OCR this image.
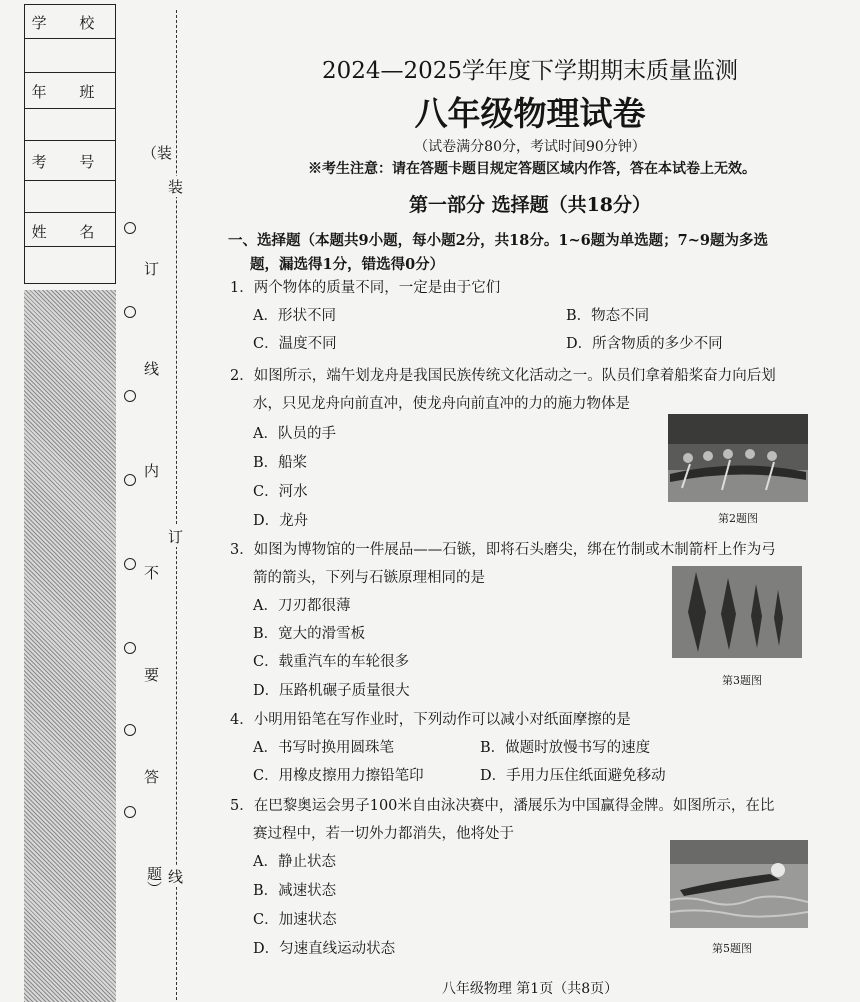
学 校
年 班
考 号
姓 名
（装
订
线
内
不
要
答
题）
装
订
线
2024—2025学年度下学期期末质量监测
八年级物理试卷
（试卷满分80分，考试时间90分钟）
※考生注意：请在答题卡题目规定答题区域内作答，答在本试卷上无效。
第一部分 选择题（共18分）
一、选择题（本题共9小题，每小题2分，共18分。1~6题为单选题；7~9题为多选
题，漏选得1分，错选得0分）
1．两个物体的质量不同，一定是由于它们
A．形状不同	B．物态不同
C．温度不同	D．所含物质的多少不同
2．如图所示，端午划龙舟是我国民族传统文化活动之一。队员们拿着船桨奋力向后划
水，只见龙舟向前直冲，使龙舟向前直冲的力的施力物体是
A．队员的手
B．船桨
C．河水
D．龙舟	第2题图
3．如图为博物馆的一件展品——石镞，即将石头磨尖，绑在竹制或木制箭杆上作为弓
箭的箭头，下列与石镞原理相同的是
A．刀刃都很薄
B．宽大的滑雪板
C．载重汽车的车轮很多
D．压路机碾子质量很大
第3题图
4．小明用铅笔在写作业时，下列动作可以减小对纸面摩擦的是
A．书写时换用圆珠笔	B．做题时放慢书写的速度
C．用橡皮擦用力擦铅笔印	D．手用力压住纸面避免移动
5．在巴黎奥运会男子100米自由泳决赛中，潘展乐为中国赢得金牌。如图所示，在比
赛过程中，若一切外力都消失，他将处于
A．静止状态
B．减速状态
C．加速状态
D．匀速直线运动状态	第5题图
八年级物理 第1页（共8页）
